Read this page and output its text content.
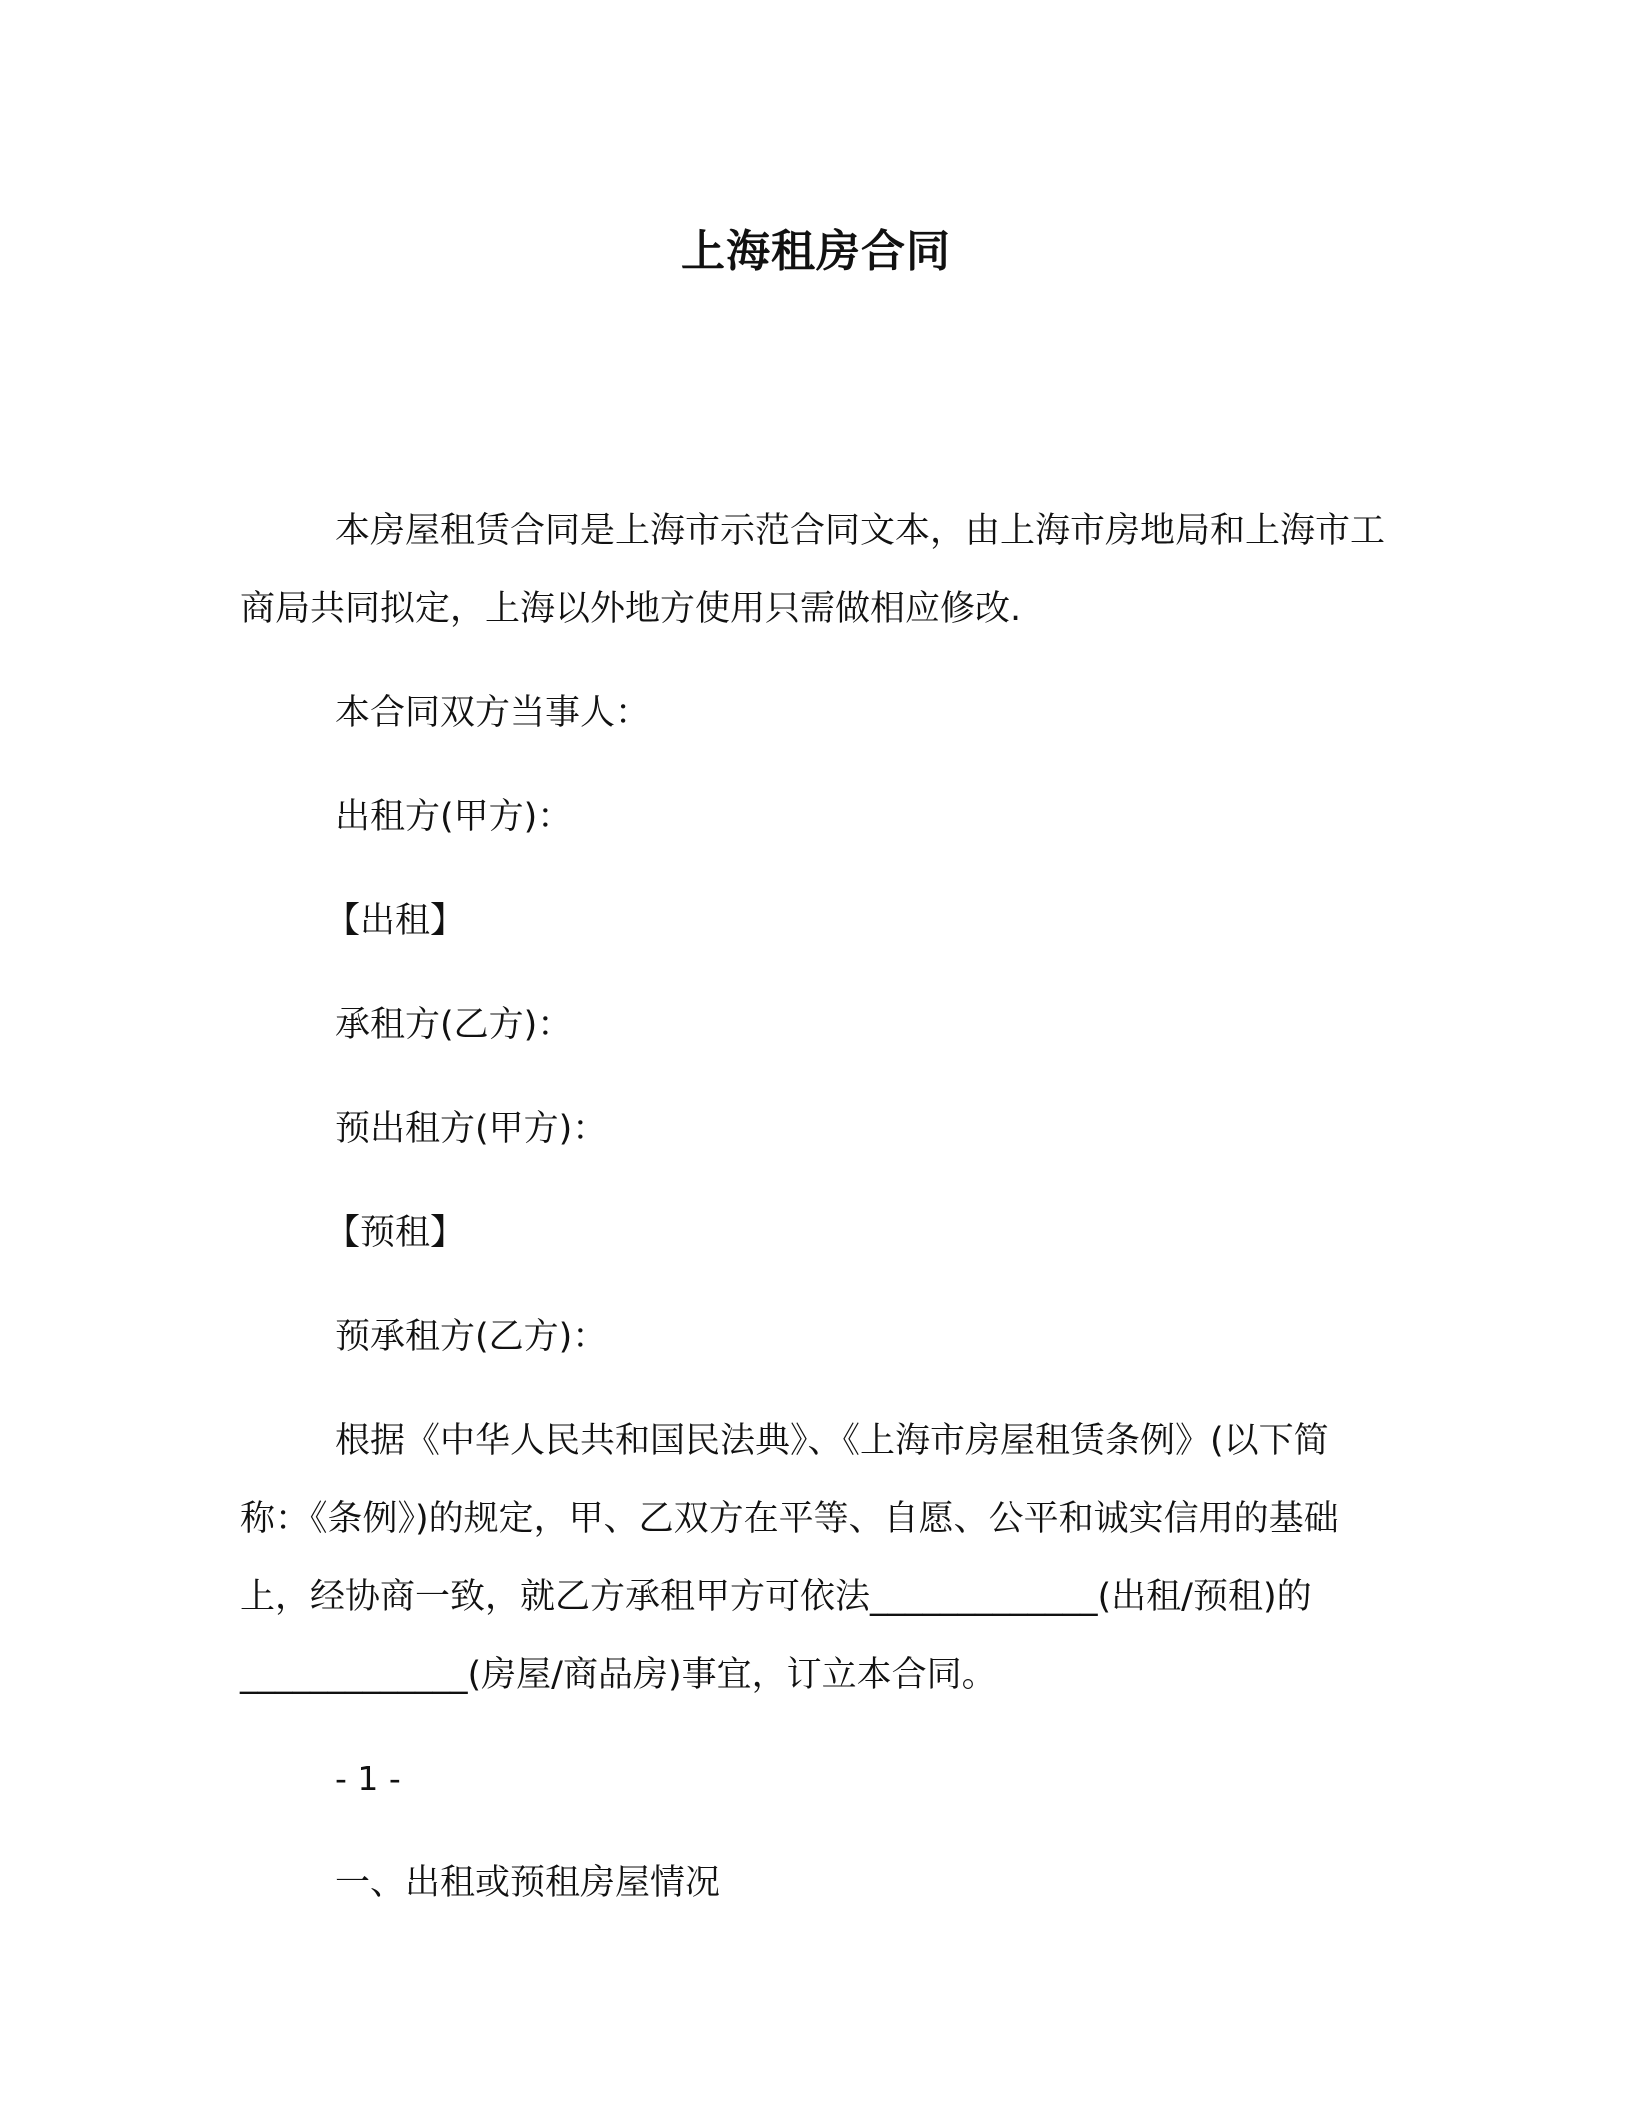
上海租房合同

本房屋租赁合同是上海市示范合同文本，由上海市房地局和上海市工商局共同拟定，上海以外地方使用只需做相应修改.

本合同双方当事人：

出租方(甲方)：

【出租】

承租方(乙方)：

预出租方(甲方)：

【预租】

预承租方(乙方)：

根据《中华人民共和国民法典》、《上海市房屋租赁条例》(以下简称：《条例》)的规定，甲、乙双方在平等、自愿、公平和诚实信用的基础上，经协商一致，就乙方承租甲方可依法_____________(出租/预租)的_____________(房屋/商品房)事宜，订立本合同。

- 1 -

一、出租或预租房屋情况
